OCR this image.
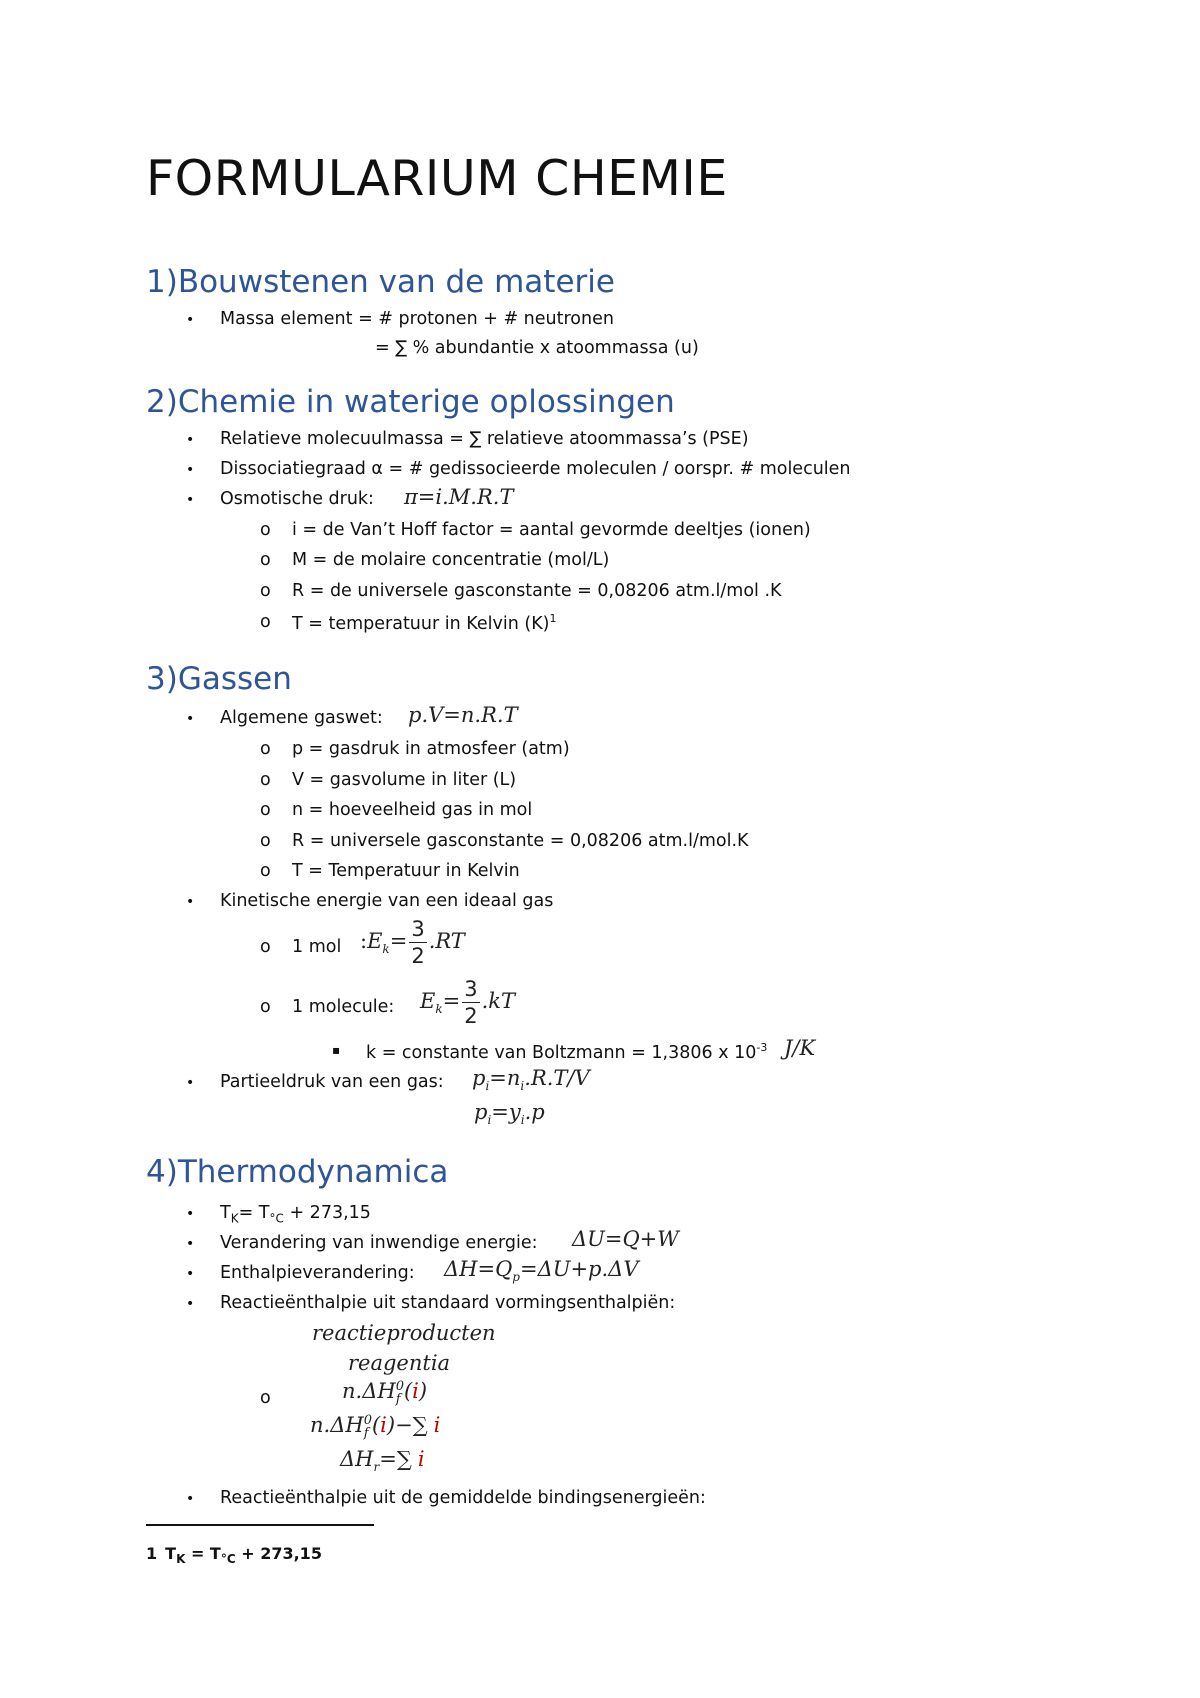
FORMULARIUM CHEMIE
1)Bouwstenen van de materie
• Massa element = # protonen + # neutronen
= ∑ % abundantie x atoommassa (u)
2)Chemie in waterige oplossingen
• Relatieve molecuulmassa = ∑ relatieve atoommassa’s (PSE)
• Dissociatiegraad α = # gedissocieerde moleculen / oorspr. # moleculen
• Osmotische druk: π=i.M.R.T
o i = de Van’t Hoff factor = aantal gevormde deeltjes (ionen)
o M = de molaire concentratie (mol/L)
o R = de universele gasconstante = 0,08206 atm.l/mol .K
o T = temperatuur in Kelvin $(K)^1$
3)Gassen
• Algemene gaswet: p.V=n.R.T
o p = gasdruk in atmosfeer (atm)
o V = gasvolume in liter (L)
o n = hoeveelheid gas in mol
o R = universele gasconstante = 0,08206 atm.l/mol.K
o T = Temperatuur in Kelvin
• Kinetische energie van een ideaal gas
o 1 mol $:E_k= \frac{3}{2} .RT$
o 1 molecule: $E_k= \frac{3}{2} .kT$
▪ k = constante van Boltzmann = 1,3806 x $10^{-3}$ J/K
• Partieeldruk van een gas: $p_i=n_i.R.T/V$
$p_i=y_i.p$
4)Thermodynamica
• $T_K= T_{^\circ C} + 273,15$
• Verandering van inwendige energie: ΔU=Q+W
• Enthalpieverandering: $\Delta H=Q_p=\Delta U+p.\Delta V$
• Reactieënthalpie uit standaard vormingsenthalpiën:
reactieproducten
reagentia
o	n.ΔH 0
f (i)
n.ΔH 0
f (i)−∑ i
$\Delta H_r=\sum$ i
• Reactieënthalpie uit de gemiddelde bindingsenergieën:
1 $T_K = T_{^\circ C} + 273,15$
